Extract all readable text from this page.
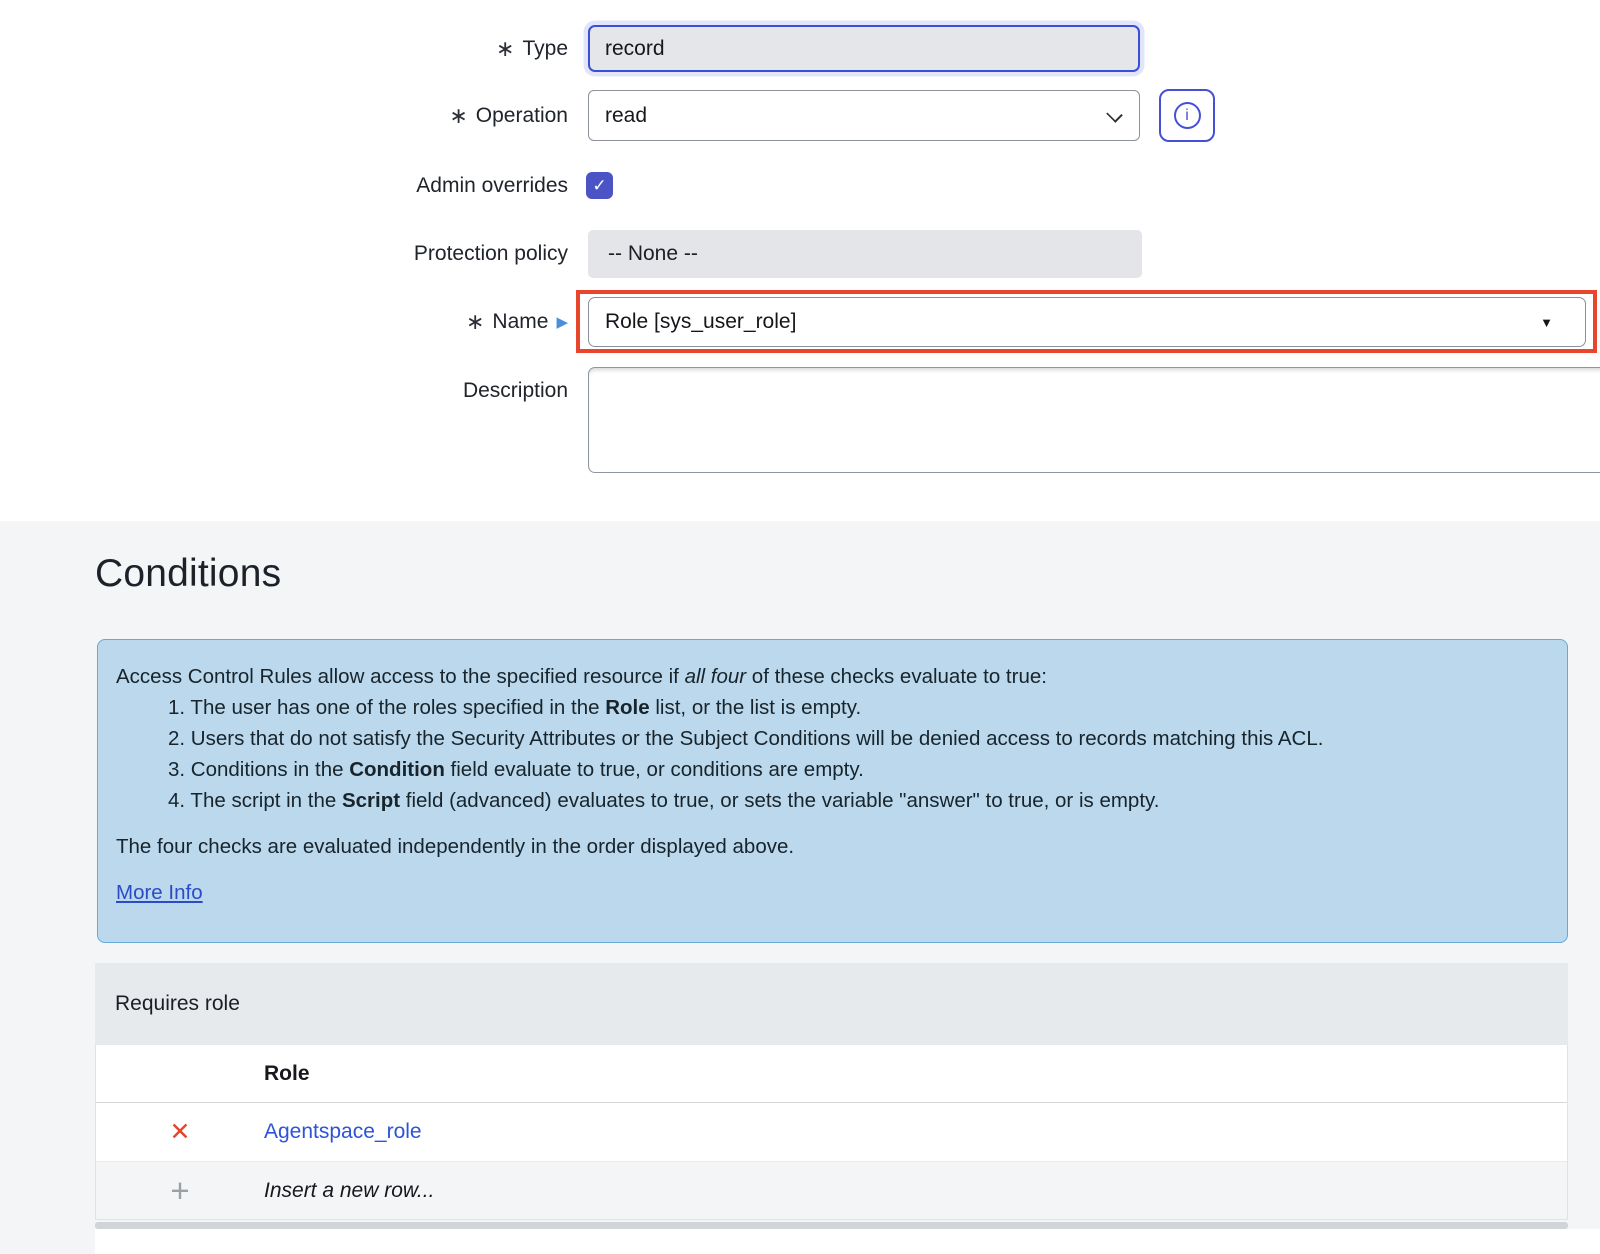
∗ Type record
∗ Operation read	i
Admin overrides ✓
Protection policy -- None --
∗ Name ▶ Role [sys_user_role]	▼
Description
Conditions
Access Control Rules allow access to the specified resource if all four of these checks evaluate to true:
1. The user has one of the roles specified in the Role list, or the list is empty.
2. Users that do not satisfy the Security Attributes or the Subject Conditions will be denied access to records matching this ACL.
3. Conditions in the Condition field evaluate to true, or conditions are empty.
4. The script in the Script field (advanced) evaluates to true, or sets the variable "answer" to true, or is empty.
The four checks are evaluated independently in the order displayed above.
More Info
Requires role
Role
✕	Agentspace_role
+	Insert a new row...
